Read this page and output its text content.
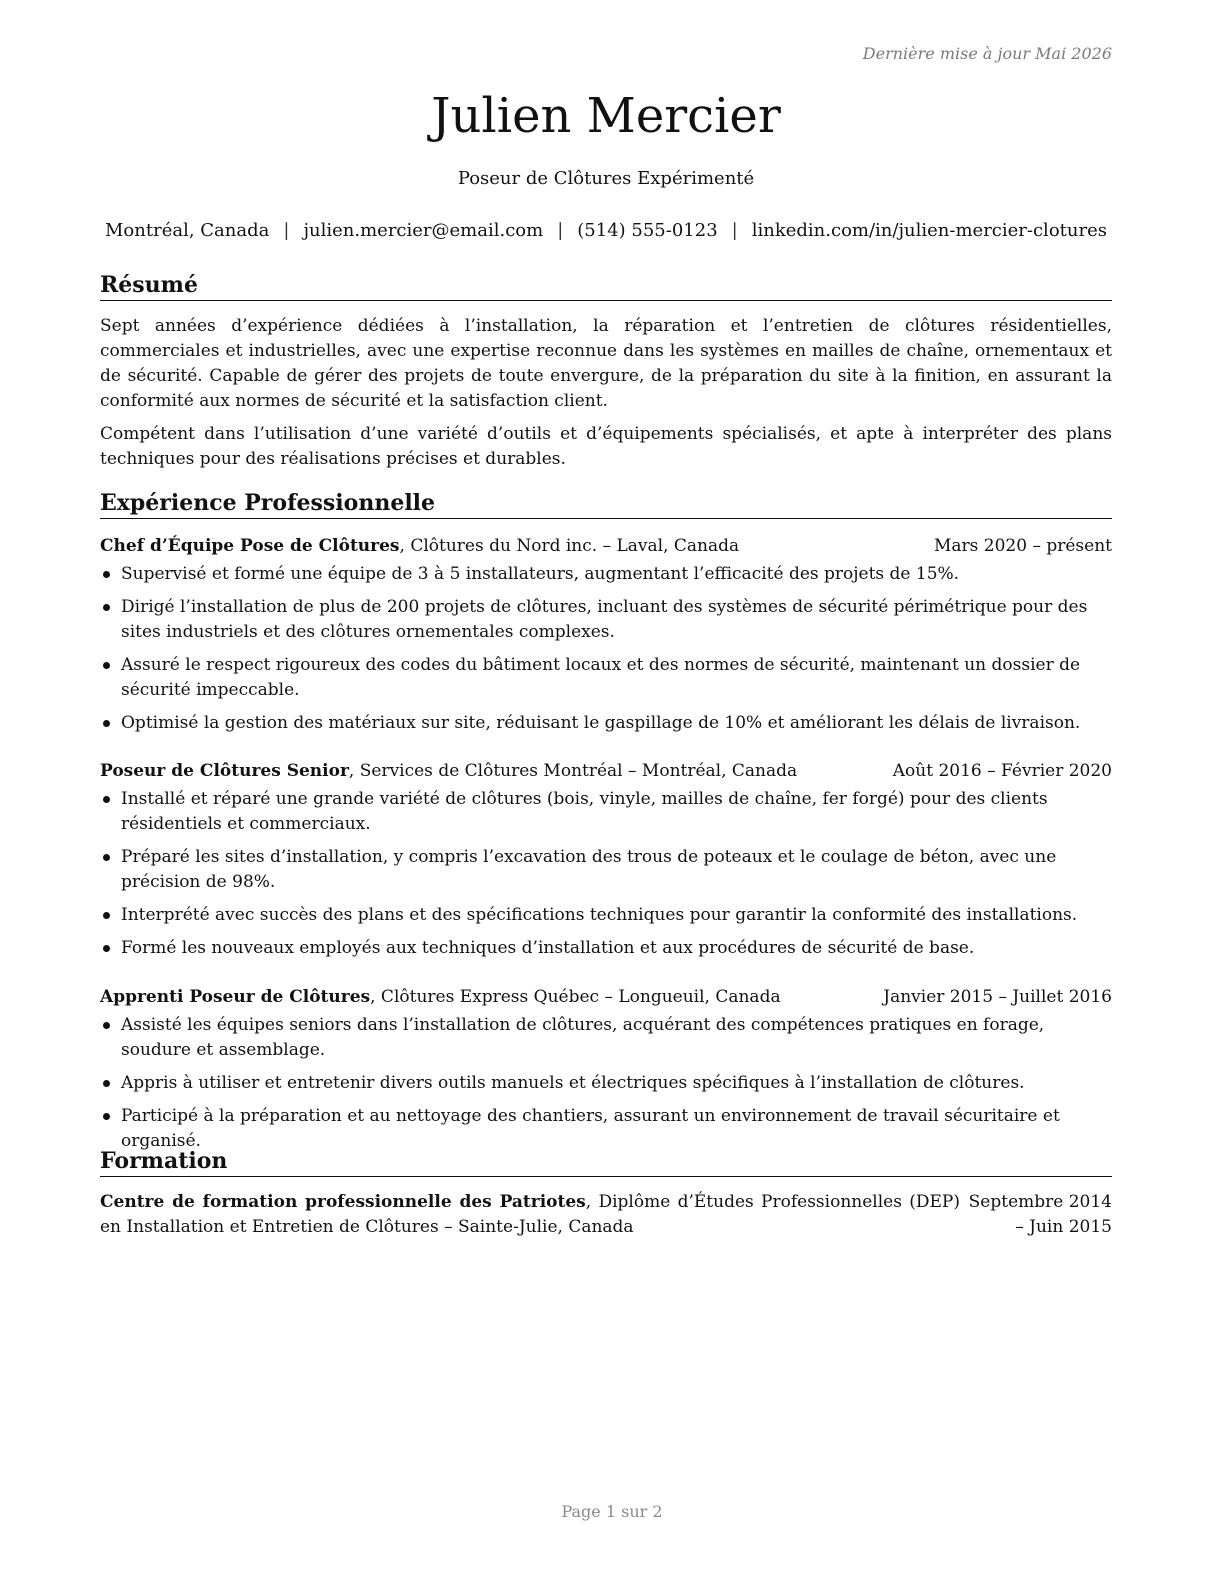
Dernière mise à jour Mai 2026
Julien Mercier
Poseur de Clôtures Expérimenté
Montréal, Canada | julien.mercier@email.com | (514) 555-0123 | linkedin.com/in/julien-mercier-clotures
Résumé

Sept années d’expérience dédiées à l’installation, la réparation et l’entretien de clôtures résidentielles, commerciales et industrielles, avec une expertise reconnue dans les systèmes en mailles de chaîne, ornementaux et de sécurité. Capable de gérer des projets de toute envergure, de la préparation du site à la finition, en assurant la conformité aux normes de sécurité et la satisfaction client.

Compétent dans l’utilisation d’une variété d’outils et d’équipements spécialisés, et apte à interpréter des plans techniques pour des réalisations précises et durables.

Expérience Professionnelle
Chef d’Équipe Pose de Clôtures, Clôtures du Nord inc. – Laval, Canada	Mars 2020 – présent
Supervisé et formé une équipe de 3 à 5 installateurs, augmentant l’efficacité des projets de 15%.
Dirigé l’installation de plus de 200 projets de clôtures, incluant des systèmes de sécurité périmétrique pour des sites industriels et des clôtures ornementales complexes.
Assuré le respect rigoureux des codes du bâtiment locaux et des normes de sécurité, maintenant un dossier de sécurité impeccable.
Optimisé la gestion des matériaux sur site, réduisant le gaspillage de 10% et améliorant les délais de livraison.
Poseur de Clôtures Senior, Services de Clôtures Montréal – Montréal, Canada	Août 2016 – Février 2020
Installé et réparé une grande variété de clôtures (bois, vinyle, mailles de chaîne, fer forgé) pour des clients résidentiels et commerciaux.
Préparé les sites d’installation, y compris l’excavation des trous de poteaux et le coulage de béton, avec une précision de 98%.
Interprété avec succès des plans et des spécifications techniques pour garantir la conformité des installations.
Formé les nouveaux employés aux techniques d’installation et aux procédures de sécurité de base.
Apprenti Poseur de Clôtures, Clôtures Express Québec – Longueuil, Canada	Janvier 2015 – Juillet 2016
Assisté les équipes seniors dans l’installation de clôtures, acquérant des compétences pratiques en forage, soudure et assemblage.
Appris à utiliser et entretenir divers outils manuels et électriques spécifiques à l’installation de clôtures.
Participé à la préparation et au nettoyage des chantiers, assurant un environnement de travail sécuritaire et organisé.
Formation
Centre de formation professionnelle des Patriotes, Diplôme d’Études Professionnelles (DEP) en Installation et Entretien de Clôtures – Sainte-Julie, Canada
Septembre 2014 – Juin 2015
Page 1 sur 2
